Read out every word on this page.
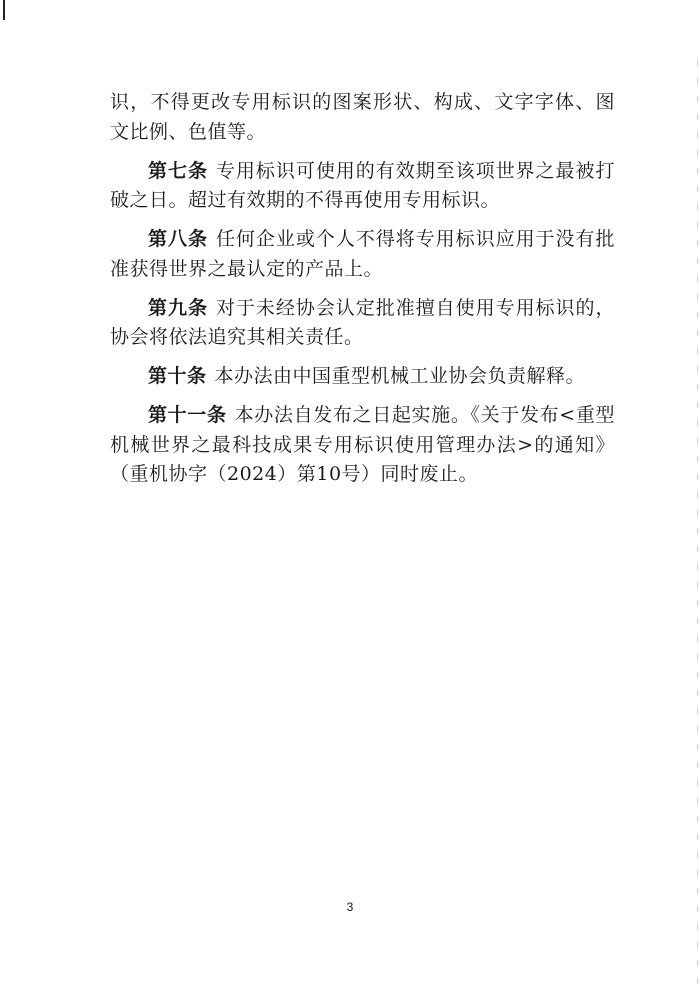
识，不得更改专用标识的图案形状、构成、文字字体、图文比例、色值等。

第七条 专用标识可使用的有效期至该项世界之最被打破之日。超过有效期的不得再使用专用标识。

第八条 任何企业或个人不得将专用标识应用于没有批准获得世界之最认定的产品上。

第九条 对于未经协会认定批准擅自使用专用标识的，协会将依法追究其相关责任。

第十条 本办法由中国重型机械工业协会负责解释。

第十一条 本办法自发布之日起实施。《关于发布<重型机械世界之最科技成果专用标识使用管理办法>的通知》（重机协字（2024）第10号）同时废止。

3
